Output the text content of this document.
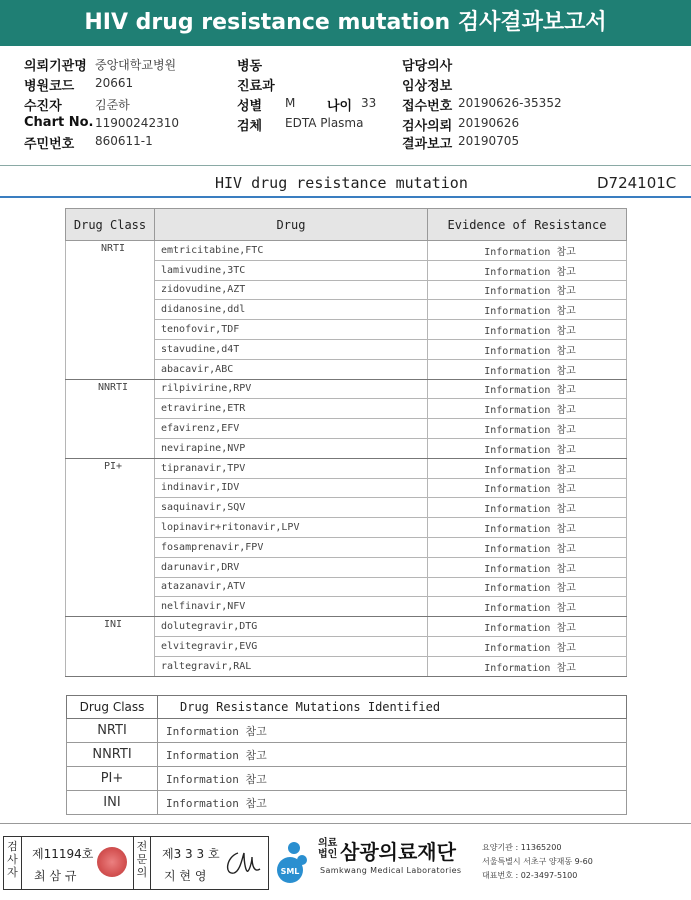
HIV drug resistance mutation 검사결과보고서
의뢰기관명 중앙대학교병원
병원코드 20661
수진자	김준하
Chart No. 11900242310
주민번호 860611-1
병동
진료과
성별 M
검체 EDTA Plasma
담당의사
임상정보
접수번호 20190626-35352
검사의뢰 20190626
결과보고 20190705
나이 33
HIV drug resistance mutation	D724101C
Drug Class	Drug	Evidence of Resistance
NRTI	emtricitabine,FTC	Information 참고
	lamivudine,3TC	Information 참고
	zidovudine,AZT	Information 참고
	didanosine,ddl	Information 참고
	tenofovir,TDF	Information 참고
	stavudine,d4T	Information 참고
	abacavir,ABC	Information 참고
NNRTI	rilpivirine,RPV	Information 참고
	etravirine,ETR	Information 참고
	efavirenz,EFV	Information 참고
	nevirapine,NVP	Information 참고
PI+	tipranavir,TPV	Information 참고
	indinavir,IDV	Information 참고
	saquinavir,SQV	Information 참고
	lopinavir+ritonavir,LPV	Information 참고
	fosamprenavir,FPV	Information 참고
	darunavir,DRV	Information 참고
	atazanavir,ATV	Information 참고
	nelfinavir,NFV	Information 참고
INI	dolutegravir,DTG	Information 참고
	elvitegravir,EVG	Information 참고
	raltegravir,RAL	Information 참고
Drug Class	Drug Resistance Mutations Identified
NRTI	Information 참고
NNRTI	Information 참고
PI+	Information 참고
INI	Information 참고
검사자
제11194호
최 삼 규
전문의
제3 3 3 호
지 현 영	SML
의료법인 삼광의료재단
Samkwang Medical Laboratories
요양기관 : 11365200
서울특별시 서초구 양재동 9-60
대표번호 : 02-3497-5100
